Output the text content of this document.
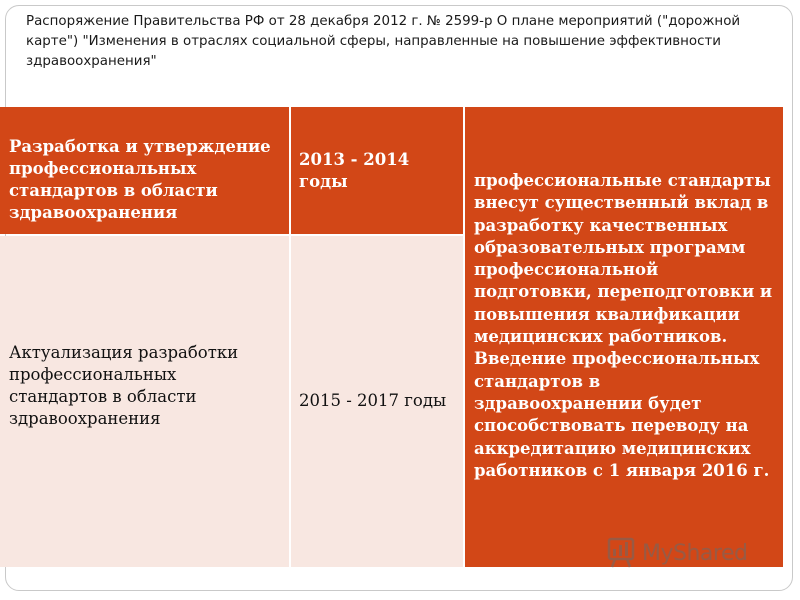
Распоряжение Правительства РФ от 28 декабря 2012 г. № 2599-р О плане мероприятий ("дорожной карте") "Изменения в отраслях социальной сферы, направленные на повышение эффективности здравоохранения"
Разработка и утверждение профессиональных стандартов в области здравоохранения
2013 - 2014 годы
Актуализация разработки профессиональных стандартов в области здравоохранения
2015 - 2017 годы
профессиональные стандарты внесут существенный вклад в разработку качественных образовательных программ профессиональной подготовки, переподготовки и повышения квалификации медицинских работников. Введение профессиональных стандартов в здравоохранении будет способствовать переводу на аккредитацию медицинских работников с 1 января 2016 г.
MyShared
